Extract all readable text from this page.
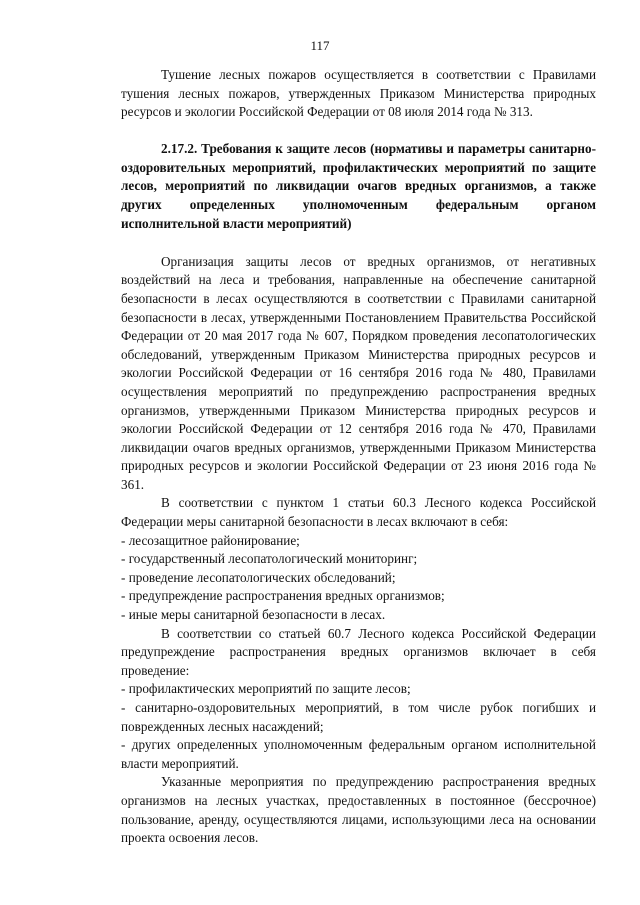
117

Тушение лесных пожаров осуществляется в соответствии с Правилами тушения лесных пожаров, утвержденных Приказом Министерства природных ресурсов и экологии Российской Федерации от 08 июля 2014 года № 313.

2.17.2. Требования к защите лесов (нормативы и параметры санитарно-оздоровительных мероприятий, профилактических мероприятий по защите лесов, мероприятий по ликвидации очагов вредных организмов, а также других определенных уполномоченным федеральным органом исполнительной власти мероприятий)

Организация защиты лесов от вредных организмов, от негативных воздействий на леса и требования, направленные на обеспечение санитарной безопасности в лесах осуществляются в соответствии с Правилами санитарной безопасности в лесах, утвержденными Постановлением Правительства Российской Федерации от 20 мая 2017 года № 607, Порядком проведения лесопатологических обследований, утвержденным Приказом Министерства природных ресурсов и экологии Российской Федерации от 16 сентября 2016 года № 480, Правилами осуществления мероприятий по предупреждению распространения вредных организмов, утвержденными Приказом Министерства природных ресурсов и экологии Российской Федерации от 12 сентября 2016 года № 470, Правилами ликвидации очагов вредных организмов, утвержденными Приказом Министерства природных ресурсов и экологии Российской Федерации от 23 июня 2016 года № 361.

В соответствии с пунктом 1 статьи 60.3 Лесного кодекса Российской Федерации меры санитарной безопасности в лесах включают в себя:

- лесозащитное районирование;

- государственный лесопатологический мониторинг;

- проведение лесопатологических обследований;

- предупреждение распространения вредных организмов;

- иные меры санитарной безопасности в лесах.

В соответствии со статьей 60.7 Лесного кодекса Российской Федерации предупреждение распространения вредных организмов включает в себя проведение:

- профилактических мероприятий по защите лесов;

- санитарно-оздоровительных мероприятий, в том числе рубок погибших и поврежденных лесных насаждений;

- других определенных уполномоченным федеральным органом исполнительной власти мероприятий.

Указанные мероприятия по предупреждению распространения вредных организмов на лесных участках, предоставленных в постоянное (бессрочное) пользование, аренду, осуществляются лицами, использующими леса на основании проекта освоения лесов.
